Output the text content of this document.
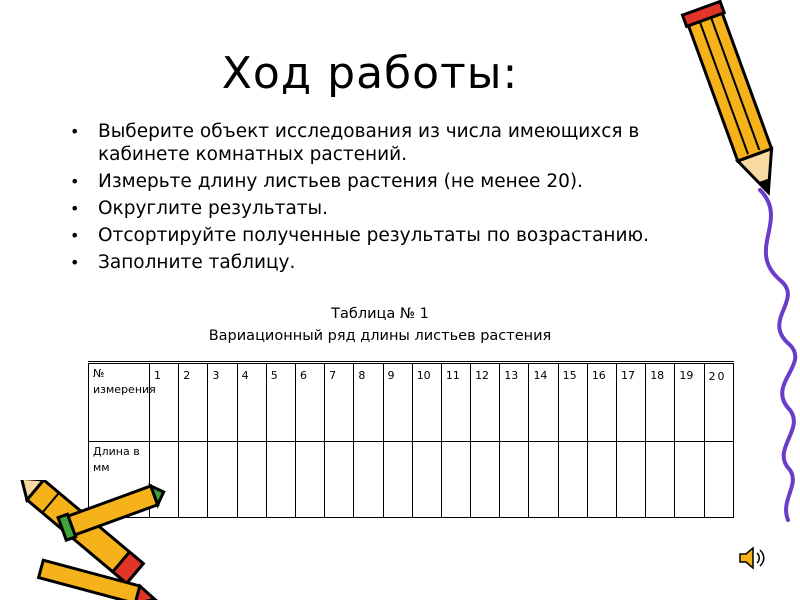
Ход работы:
• Выберите объект исследования из числа имеющихся в кабинете комнатных растений.
• Измерьте длину листьев растения (не менее 20).
• Округлите результаты.
• Отсортируйте полученные результаты по возрастанию.
• Заполните таблицу.
Таблица № 1
Вариационный ряд длины листьев растения
№ измерения	1	2	3	4	5	6	7	8	9	10	11	12	13	14	15	16	17	18	19	20
Длина в мм																				
